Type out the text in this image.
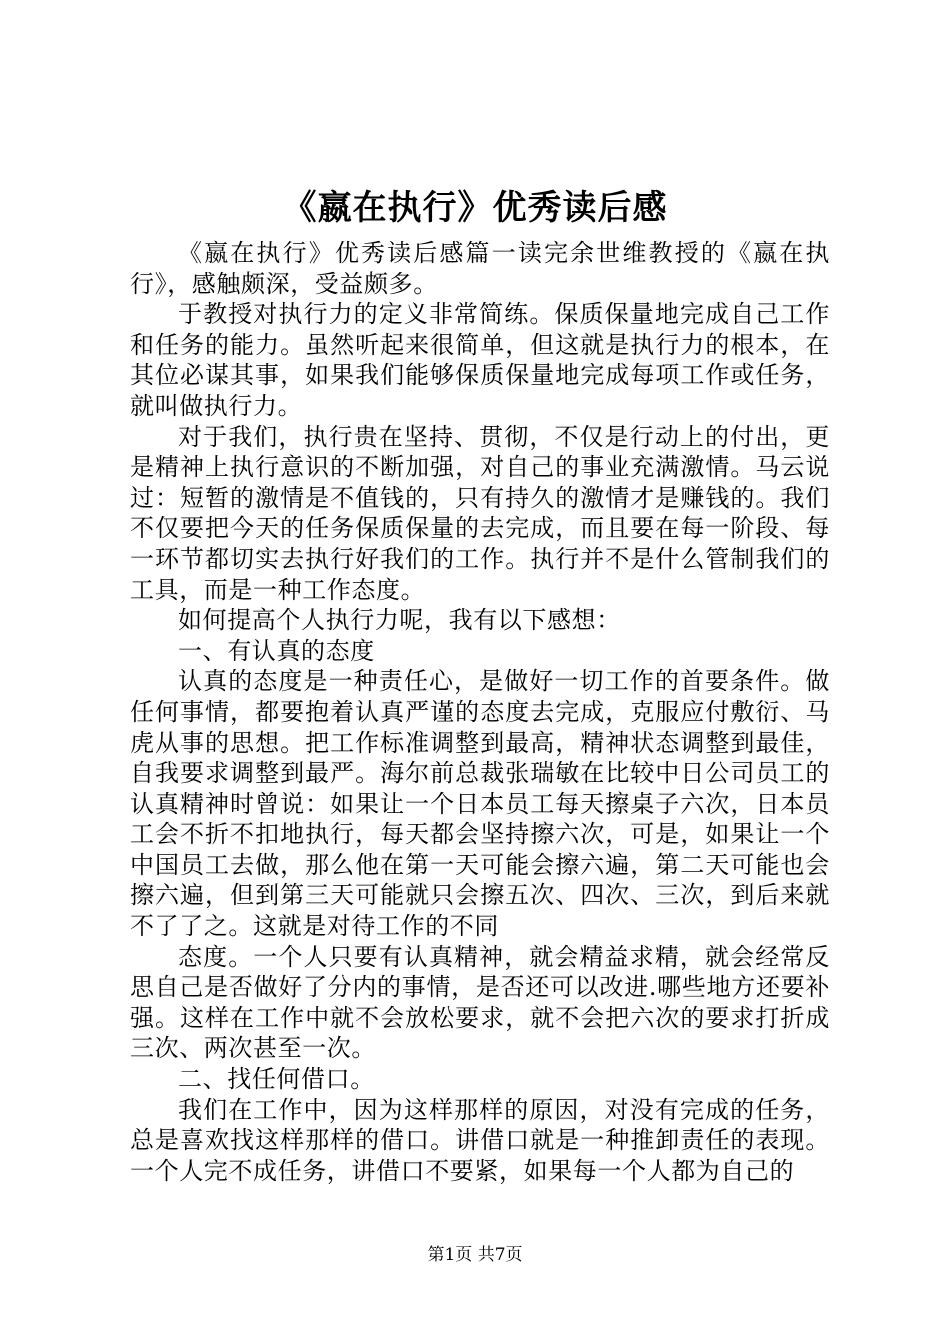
《嬴在执行》优秀读后感

《嬴在执行》优秀读后感篇一读完余世维教授的《嬴在执行》，感触颇深，受益颇多。

于教授对执行力的定义非常简练。保质保量地完成自己工作和任务的能力。虽然听起来很简单，但这就是执行力的根本，在其位必谋其事，如果我们能够保质保量地完成每项工作或任务，就叫做执行力。

对于我们，执行贵在坚持、贯彻，不仅是行动上的付出，更是精神上执行意识的不断加强，对自己的事业充满激情。马云说过：短暂的激情是不值钱的，只有持久的激情才是赚钱的。我们不仅要把今天的任务保质保量的去完成，而且要在每一阶段、每一环节都切实去执行好我们的工作。执行并不是什么管制我们的工具，而是一种工作态度。

如何提高个人执行力呢，我有以下感想：

一、有认真的态度

认真的态度是一种责任心，是做好一切工作的首要条件。做任何事情，都要抱着认真严谨的态度去完成，克服应付敷衍、马虎从事的思想。把工作标准调整到最高，精神状态调整到最佳，自我要求调整到最严。海尔前总裁张瑞敏在比较中日公司员工的认真精神时曾说：如果让一个日本员工每天擦桌子六次，日本员工会不折不扣地执行，每天都会坚持擦六次，可是，如果让一个中国员工去做，那么他在第一天可能会擦六遍，第二天可能也会擦六遍，但到第三天可能就只会擦五次、四次、三次，到后来就不了了之。这就是对待工作的不同

态度。一个人只要有认真精神，就会精益求精，就会经常反思自己是否做好了分内的事情，是否还可以改进.哪些地方还要补强。这样在工作中就不会放松要求，就不会把六次的要求打折成三次、两次甚至一次。

二、找任何借口。

我们在工作中，因为这样那样的原因，对没有完成的任务，总是喜欢找这样那样的借口。讲借口就是一种推卸责任的表现。一个人完不成任务，讲借口不要紧，如果每一个人都为自己的

第1页 共7页
